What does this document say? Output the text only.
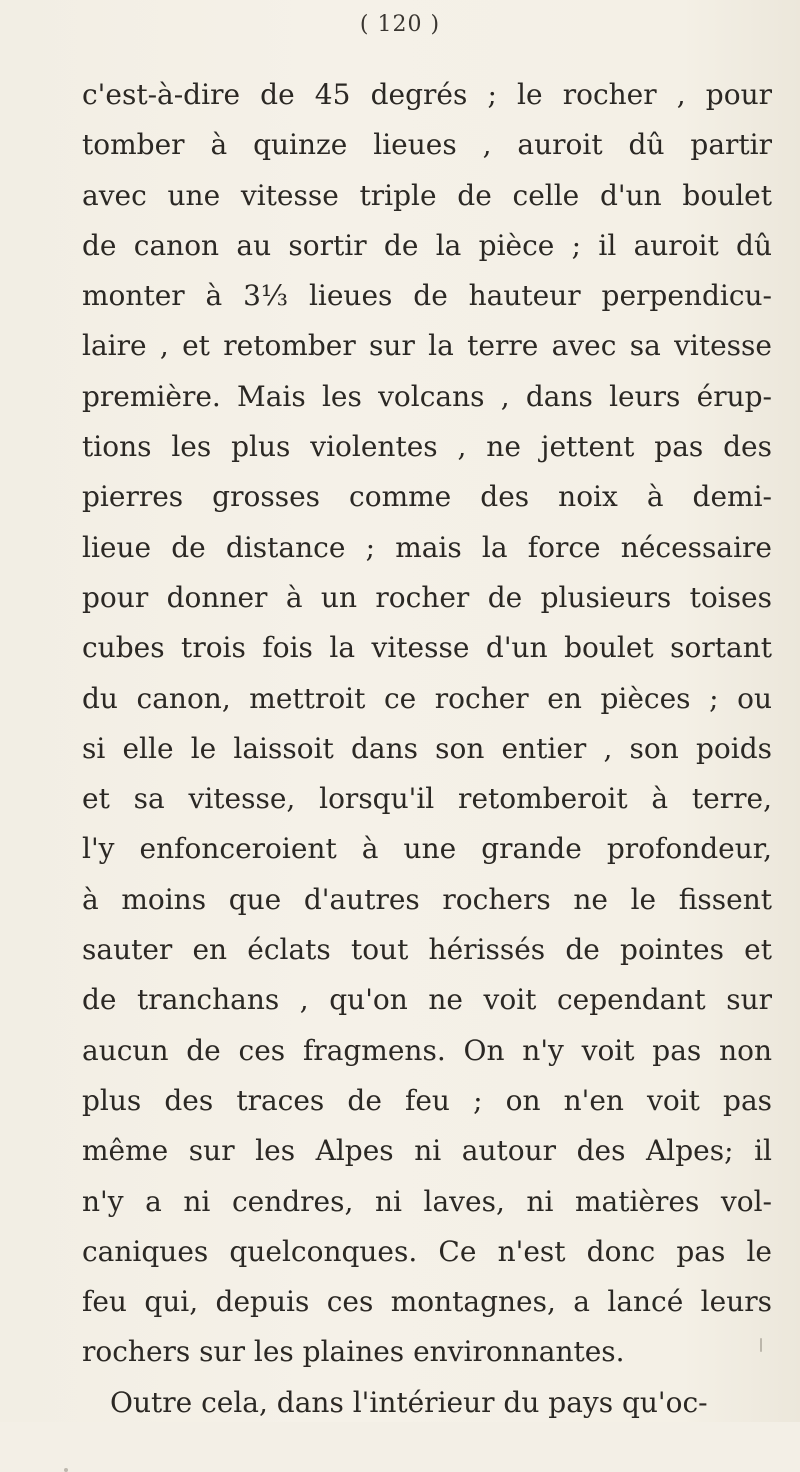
( 120 )
c'est-à-dire de 45 degrés ; le rocher , pour
tomber à quinze lieues , auroit dû partir
avec une vitesse triple de celle d'un boulet
de canon au sortir de la pièce ; il auroit dû
monter à 3⅓ lieues de hauteur perpendicu-
laire , et retomber sur la terre avec sa vitesse
première. Mais les volcans , dans leurs érup-
tions les plus violentes , ne jettent pas des
pierres grosses comme des noix à demi-
lieue de distance ; mais la force nécessaire
pour donner à un rocher de plusieurs toises
cubes trois fois la vitesse d'un boulet sortant
du canon, mettroit ce rocher en pièces ; ou
si elle le laissoit dans son entier , son poids
et sa vitesse, lorsqu'il retomberoit à terre,
l'y enfonceroient à une grande profondeur,
à moins que d'autres rochers ne le fissent
sauter en éclats tout hérissés de pointes et
de tranchans , qu'on ne voit cependant sur
aucun de ces fragmens. On n'y voit pas non
plus des traces de feu ; on n'en voit pas
même sur les Alpes ni autour des Alpes; il
n'y a ni cendres, ni laves, ni matières vol-
caniques quelconques. Ce n'est donc pas le
feu qui, depuis ces montagnes, a lancé leurs
rochers sur les plaines environnantes.
Outre cela, dans l'intérieur du pays qu'oc-
